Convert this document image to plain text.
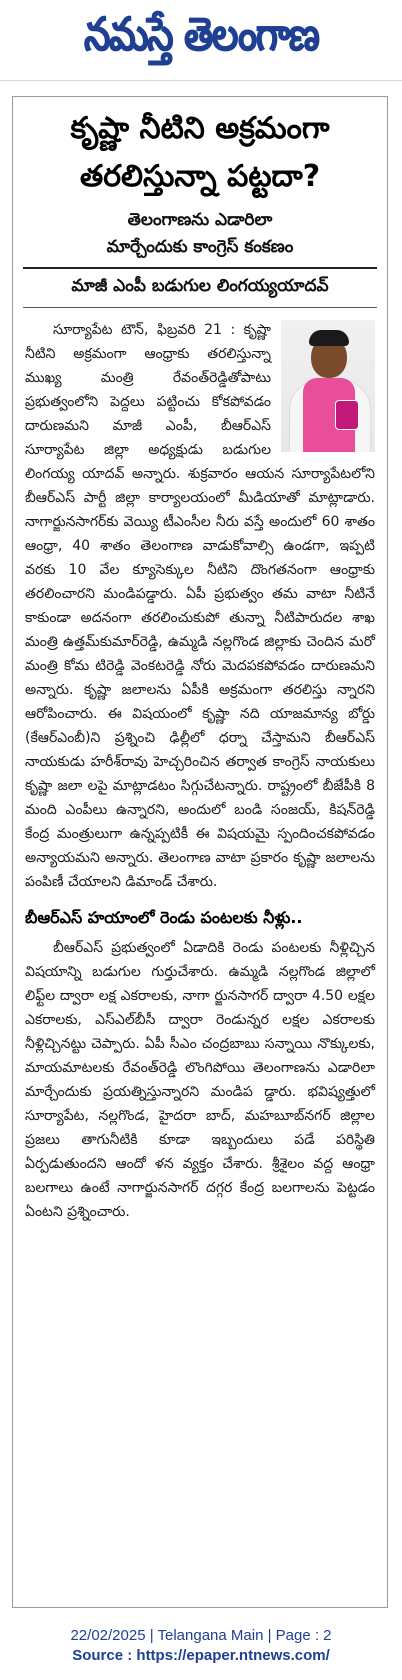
నమస్తే తెలంగాణ
కృష్ణా నీటిని అక్రమంగా
తరలిస్తున్నా పట్టదా?
తెలంగాణను ఎడారిలా
మార్చేందుకు కాంగ్రెస్ కంకణం
మాజీ ఎంపీ బడుగుల లింగయ్యయాదవ్

సూర్యాపేట టౌన్, ఫిబ్రవరి 21 : కృష్ణా నీటిని అక్రమంగా ఆంధ్రాకు తరలిస్తున్నా ముఖ్య మంత్రి రేవంత్‌రెడ్డితోపాటు ప్రభుత్వంలోని పెద్దలు పట్టించు కోకపోవడం దారుణమని మాజీ ఎంపీ, బీఆర్‌ఎస్ సూర్యాపేట జిల్లా అధ్యక్షుడు బడుగుల లింగయ్య యాదవ్ అన్నారు. శుక్రవారం ఆయన సూర్యాపేటలోని బీఆర్‌ఎస్ పార్టీ జిల్లా కార్యాలయంలో మీడియాతో మాట్లాడారు. నాగార్జునసాగర్‌కు వెయ్యి టీఎంసీల నీరు వస్తే అందులో 60 శాతం ఆంధ్రా, 40 శాతం తెలంగాణ వాడుకోవాల్సి ఉండగా, ఇప్పటి వరకు 10 వేల క్యూసెక్కుల నీటిని దొంగతనంగా ఆంధ్రాకు తరలించారని మండిపడ్డారు. ఏపీ ప్రభుత్వం తమ వాటా నీటినే కాకుండా అదనంగా తరలించుకుపో తున్నా నీటిపారుదల శాఖ మంత్రి ఉత్తమ్‌కుమార్‌రెడ్డి, ఉమ్మడి నల్లగొండ జిల్లాకు చెందిన మరో మంత్రి కోమ టిరెడ్డి వెంకటరెడ్డి నోరు మెదపకపోవడం దారుణమని అన్నారు. కృష్ణా జలాలను ఏపీకి అక్రమంగా తరలిస్తు న్నారని ఆరోపించారు. ఈ విషయంలో కృష్ణా నది యాజమాన్య బోర్డు (కేఆర్‌ఎంబీ)ని ప్రశ్నించి ఢిల్లీలో ధర్నా చేస్తామని బీఆర్‌ఎస్ నాయకుడు హరీశ్‌రావు హెచ్చరించిన తర్వాత కాంగ్రెస్ నాయకులు కృష్ణా జలా లపై మాట్లాడటం సిగ్గుచేటన్నారు. రాష్ట్రంలో బీజేపీకి 8 మంది ఎంపీలు ఉన్నారని, అందులో బండి సంజయ్, కిషన్‌రెడ్డి కేంద్ర మంత్రులుగా ఉన్నప్పటికీ ఈ విషయమై స్పందించకపోవడం అన్యాయమని అన్నారు. తెలంగాణ వాటా ప్రకారం కృష్ణా జలాలను పంపిణీ చేయాలని డిమాండ్ చేశారు.

బీఆర్‌ఎస్ హయాంలో రెండు పంటలకు నీళ్లు..

బీఆర్‌ఎస్ ప్రభుత్వంలో ఏడాదికి రెండు పంటలకు నీళ్లిచ్చిన విషయాన్ని బడుగుల గుర్తుచేశారు. ఉమ్మడి నల్లగొండ జిల్లాలో లిఫ్ట్‌ల ద్వారా లక్ష ఎకరాలకు, నాగా ర్జునసాగర్ ద్వారా 4.50 లక్షల ఎకరాలకు, ఎస్‌ఎల్‌బీసీ ద్వారా రెండున్నర లక్షల ఎకరాలకు నీళ్లిచ్చినట్టు చెప్పారు. ఏపీ సీఎం చంద్రబాబు సన్నాయి నొక్కులకు, మాయమాటలకు రేవంత్‌రెడ్డి లొంగిపోయి తెలంగాణను ఎడారిలా మార్చేందుకు ప్రయత్నిస్తున్నారని మండిప డ్డారు. భవిష్యత్తులో సూర్యాపేట, నల్లగొండ, హైదరా బాద్, మహబూబ్‌నగర్ జిల్లాల ప్రజలు తాగునీటికి కూడా ఇబ్బందులు పడే పరిస్థితి ఏర్పడుతుందని ఆందో ళన వ్యక్తం చేశారు. శ్రీశైలం వద్ద ఆంధ్రా బలగాలు ఉంటే నాగార్జునసాగర్ దగ్గర కేంద్ర బలగాలను పెట్టడం ఏంటని ప్రశ్నించారు.

22/02/2025 | Telangana Main | Page : 2
Source : https://epaper.ntnews.com/
